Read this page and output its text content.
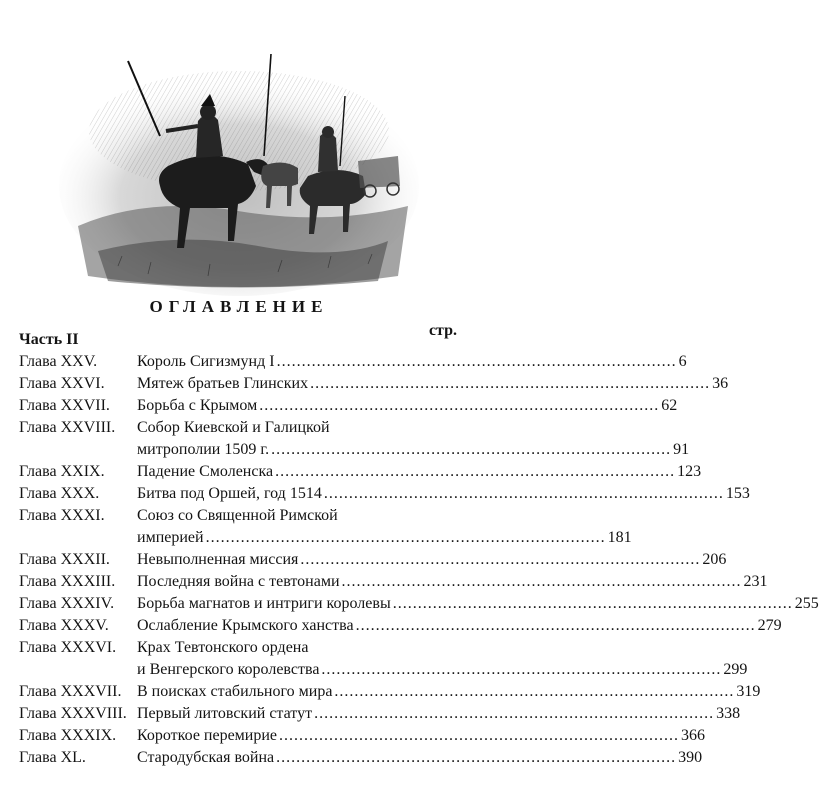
ОГЛАВЛЕНИЕ
Часть II
стр.
Глава XXV.	Король Сигизмунд I ................................................................................ 6
Глава XXVI.	Мятеж братьев Глинских ................................................................................ 36
Глава XXVII.	Борьба с Крымом ................................................................................ 62
Глава XXVIII.	Собор Киевской и Галицкой
митрополии 1509 г. ................................................................................ 91
Глава XXIX.	Падение Смоленска ................................................................................ 123
Глава XXX.	Битва под Оршей, год 1514 ................................................................................ 153
Глава XXXI.	Союз со Священной Римской
империей ................................................................................ 181
Глава XXXII.	Невыполненная миссия ................................................................................ 206
Глава XXXIII.	Последняя война с тевтонами ................................................................................ 231
Глава XXXIV.	Борьба магнатов и интриги королевы ................................................................................ 255
Глава XXXV.	Ослабление Крымского ханства ................................................................................ 279
Глава XXXVI.	Крах Тевтонского ордена
и Венгерского королевства ................................................................................ 299
Глава XXXVII. В поисках стабильного мира ................................................................................ 319
Глава XXXVIII. Первый литовский статут ................................................................................ 338
Глава XXXIX.	Короткое перемирие ................................................................................ 366
Глава XL.	Стародубская война ................................................................................ 390
